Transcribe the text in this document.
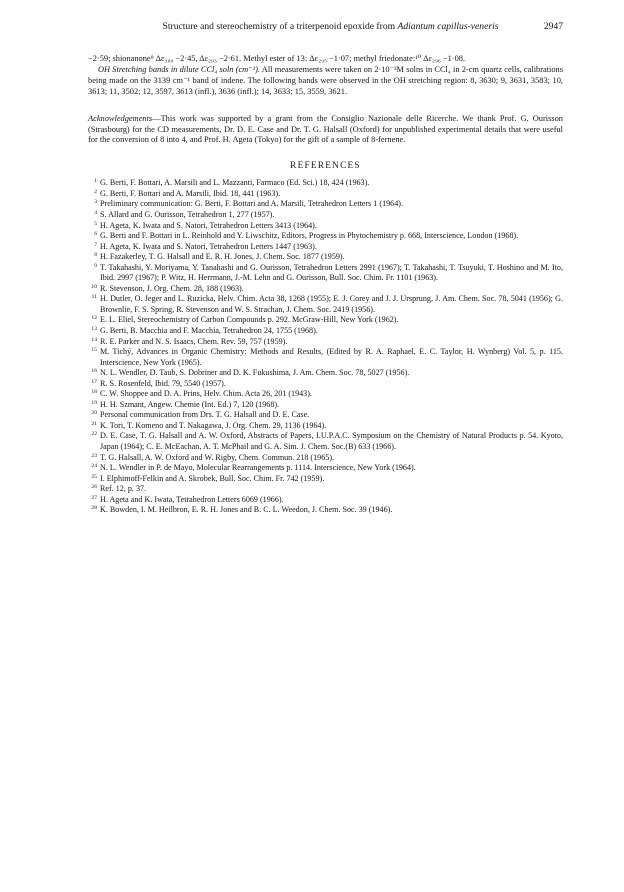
Structure and stereochemistry of a triterpenoid epoxide from Adiantum capillus-veneris	2947

−2·59; shionanone⁹ Δε₃₀₀ −2·45, Δε₂₉₃ −2·61. Methyl ester of 13: Δε₂₉₅ −1·07; methyl friedonate:¹⁰ Δε₂₉₆ −1·08.

OH Stretching bands in dilute CCl₄ soln (cm⁻¹). All measurements were taken on 2·10⁻³M solns in CCl₄ in 2-cm quartz cells, calibrations being made on the 3139 cm⁻¹ band of indene. The following bands were observed in the OH stretching region: 8, 3630; 9, 3631, 3583; 10, 3613; 11, 3502; 12, 3597, 3613 (infl.), 3636 (infl.); 14, 3633; 15, 3559, 3621.

Acknowledgements—This work was supported by a grant from the Consiglio Nazionale delle Ricerche. We thank Prof. G. Ourisson (Strasbourg) for the CD measurements, Dr. D. E. Case and Dr. T. G. Halsall (Oxford) for unpublished experimental details that were useful for the conversion of 8 into 4, and Prof. H. Ageta (Tokyo) for the gift of a sample of 8-fernene.

REFERENCES
1 G. Berti, F. Bottari, A. Marsili and L. Mazzanti, Farmaco (Ed. Sci.) 18, 424 (1963).
2 G. Berti, F. Bottari and A. Marsili, Ibid. 18, 441 (1963).
3 Preliminary communication: G. Berti, F. Bottari and A. Marsili, Tetrahedron Letters 1 (1964).
4 S. Allard and G. Ourisson, Tetrahedron 1, 277 (1957).
5 H. Ageta, K. Iwata and S. Natori, Tetrahedron Letters 3413 (1964).
6 G. Berti and F. Bottari in L. Reinhold and Y. Liwschitz, Editors, Progress in Phytochemistry p. 668, Interscience, London (1968).
7 H. Ageta, K. Iwata and S. Natori, Tetrahedron Letters 1447 (1963).
8 H. Fazakerley, T. G. Halsall and E. R. H. Jones, J. Chem. Soc. 1877 (1959).
9 T. Takahashi, Y. Moriyama, Y. Tanahashi and G. Ourisson, Tetrahedron Letters 2991 (1967); T. Takahashi, T. Tsuyuki, T. Hoshino and M. Ito, Ibid. 2997 (1967); P. Witz, H. Herrmann, J.-M. Lehn and G. Ourisson, Bull. Soc. Chim. Fr. 1101 (1963).
10 R. Stevenson, J. Org. Chem. 28, 188 (1963).
11 H. Dutler, O. Jeger and L. Ruzicka, Helv. Chim. Acta 38, 1268 (1955); E. J. Corey and J. J. Ursprung, J. Am. Chem. Soc. 78, 5041 (1956); G. Brownlie, F. S. Spring, R. Stevenson and W. S. Strachan, J. Chem. Soc. 2419 (1956).
12 E. L. Eliel, Stereochemistry of Carbon Compounds p. 292. McGraw-Hill, New York (1962).
13 G. Berti, B. Macchia and F. Macchia, Tetrahedron 24, 1755 (1968).
14 R. E. Parker and N. S. Isaacs, Chem. Rev. 59, 757 (1959).
15 M. Tichý, Advances in Organic Chemistry: Methods and Results, (Edited by R. A. Raphael, E. C. Taylor, H. Wynberg) Vol. 5, p. 115. Interscience, New York (1965).
16 N. L. Wendler, D. Taub, S. Dobriner and D. K. Fukushima, J. Am. Chem. Soc. 78, 5027 (1956).
17 R. S. Rosenfeld, Ibid. 79, 5540 (1957).
18 C. W. Shoppee and D. A. Prins, Helv. Chim. Acta 26, 201 (1943).
19 H. H. Szmant, Angew. Chemie (Int. Ed.) 7, 120 (1968).
20 Personal communication from Drs. T. G. Halsall and D. E. Case.
21 K. Tori, T. Komeno and T. Nakagawa, J. Org. Chem. 29, 1136 (1964).
22 D. E. Case, T. G. Halsall and A. W. Oxford, Abstracts of Papers, I.U.P.A.C. Symposium on the Chemistry of Natural Products p. 54. Kyoto, Japan (1964); C. E. McEachan, A. T. McPhail and G. A. Sim. J. Chem. Soc.(B) 633 (1966).
23 T. G. Halsall, A. W. Oxford and W. Rigby, Chem. Commun. 218 (1965).
24 N. L. Wendler in P. de Mayo, Molecular Rearrangements p. 1114. Interscience, New York (1964).
25 I. Elphimoff-Felkin and A. Skrobek, Bull. Soc. Chim. Fr. 742 (1959).
26 Ref. 12, p. 37.
27 H. Ageta and K. Iwata, Tetrahedron Letters 6069 (1966).
28 K. Bowden, I. M. Heilbron, E. R. H. Jones and B. C. L. Weedon, J. Chem. Soc. 39 (1946).
